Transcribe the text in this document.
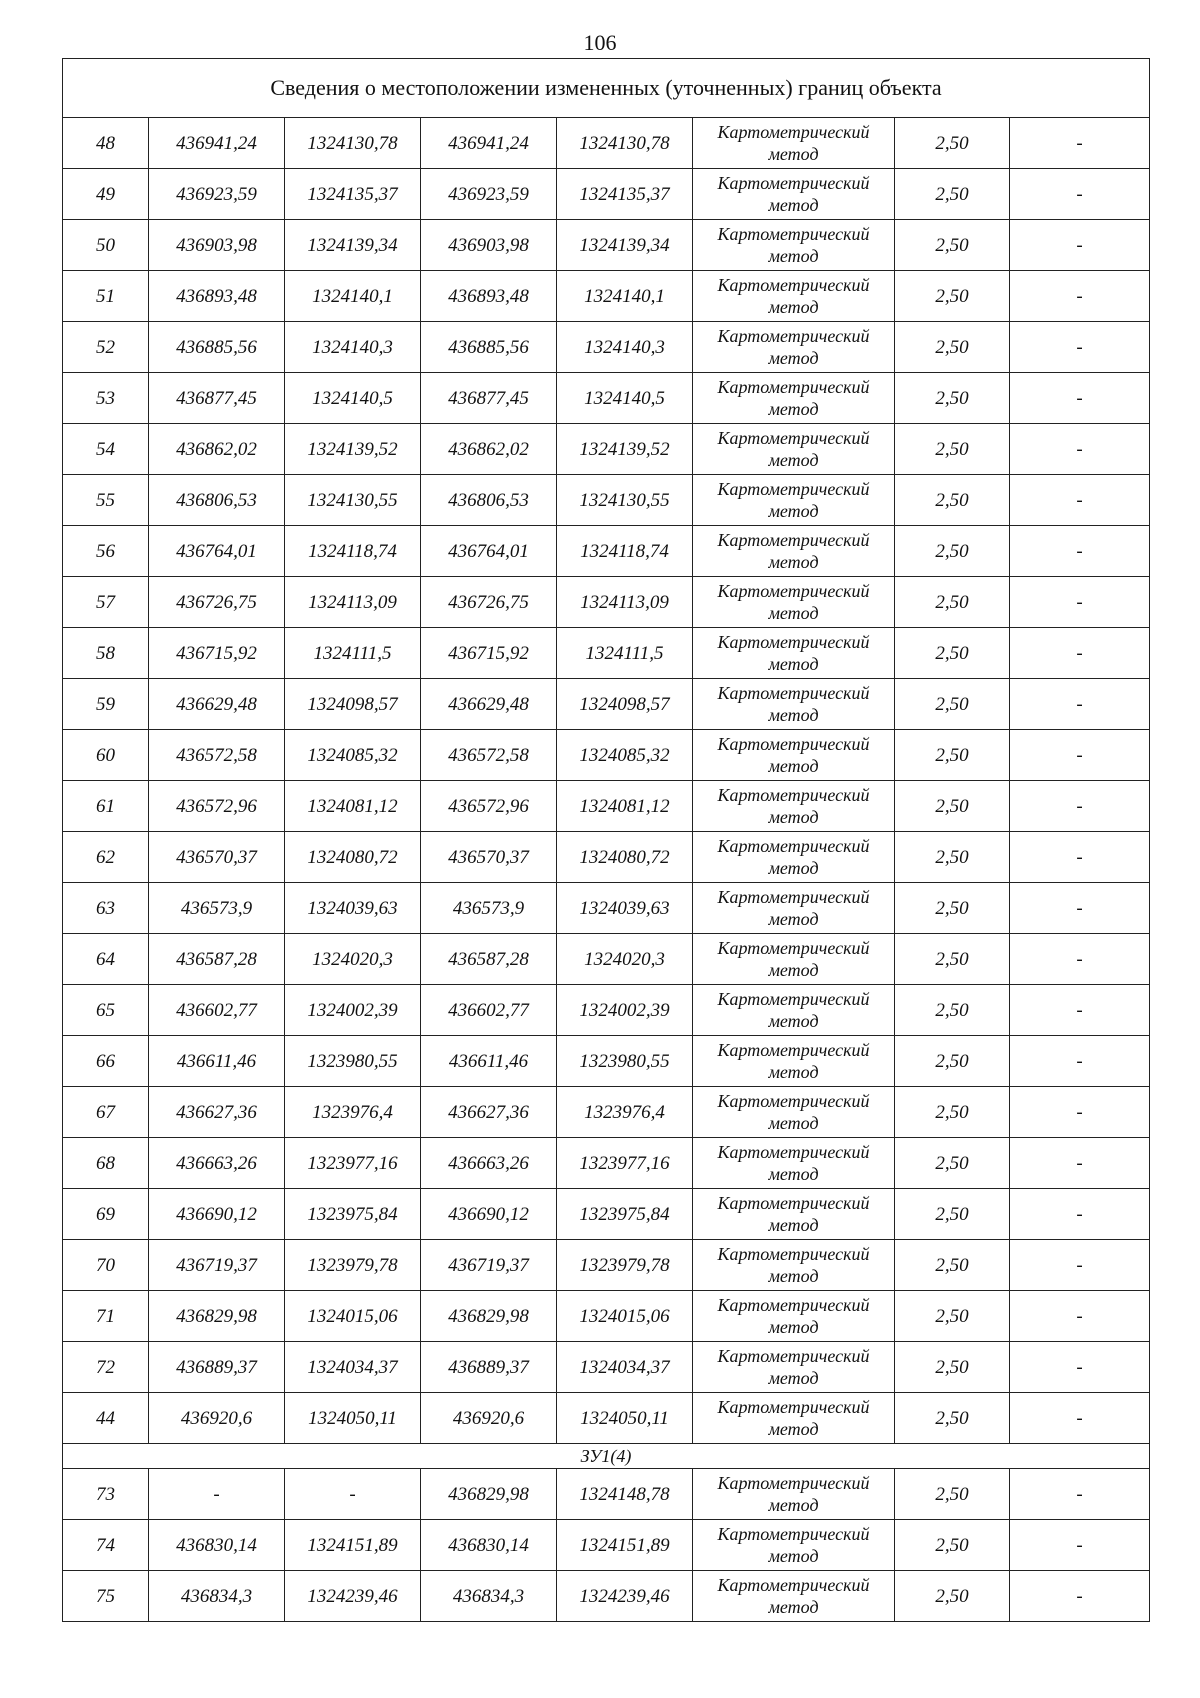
106
Сведения о местоположении измененных (уточненных) границ объекта							
48	436941,24	1324130,78	436941,24	1324130,78	Картометрический метод	2,50	-
49	436923,59	1324135,37	436923,59	1324135,37	Картометрический метод	2,50	-
50	436903,98	1324139,34	436903,98	1324139,34	Картометрический метод	2,50	-
51	436893,48	1324140,1	436893,48	1324140,1	Картометрический метод	2,50	-
52	436885,56	1324140,3	436885,56	1324140,3	Картометрический метод	2,50	-
53	436877,45	1324140,5	436877,45	1324140,5	Картометрический метод	2,50	-
54	436862,02	1324139,52	436862,02	1324139,52	Картометрический метод	2,50	-
55	436806,53	1324130,55	436806,53	1324130,55	Картометрический метод	2,50	-
56	436764,01	1324118,74	436764,01	1324118,74	Картометрический метод	2,50	-
57	436726,75	1324113,09	436726,75	1324113,09	Картометрический метод	2,50	-
58	436715,92	1324111,5	436715,92	1324111,5	Картометрический метод	2,50	-
59	436629,48	1324098,57	436629,48	1324098,57	Картометрический метод	2,50	-
60	436572,58	1324085,32	436572,58	1324085,32	Картометрический метод	2,50	-
61	436572,96	1324081,12	436572,96	1324081,12	Картометрический метод	2,50	-
62	436570,37	1324080,72	436570,37	1324080,72	Картометрический метод	2,50	-
63	436573,9	1324039,63	436573,9	1324039,63	Картометрический метод	2,50	-
64	436587,28	1324020,3	436587,28	1324020,3	Картометрический метод	2,50	-
65	436602,77	1324002,39	436602,77	1324002,39	Картометрический метод	2,50	-
66	436611,46	1323980,55	436611,46	1323980,55	Картометрический метод	2,50	-
67	436627,36	1323976,4	436627,36	1323976,4	Картометрический метод	2,50	-
68	436663,26	1323977,16	436663,26	1323977,16	Картометрический метод	2,50	-
69	436690,12	1323975,84	436690,12	1323975,84	Картометрический метод	2,50	-
70	436719,37	1323979,78	436719,37	1323979,78	Картометрический метод	2,50	-
71	436829,98	1324015,06	436829,98	1324015,06	Картометрический метод	2,50	-
72	436889,37	1324034,37	436889,37	1324034,37	Картометрический метод	2,50	-
44	436920,6	1324050,11	436920,6	1324050,11	Картометрический метод	2,50	-
ЗУ1(4)							
73	-	-	436829,98	1324148,78	Картометрический метод	2,50	-
74	436830,14	1324151,89	436830,14	1324151,89	Картометрический метод	2,50	-
75	436834,3	1324239,46	436834,3	1324239,46	Картометрический метод	2,50	-
